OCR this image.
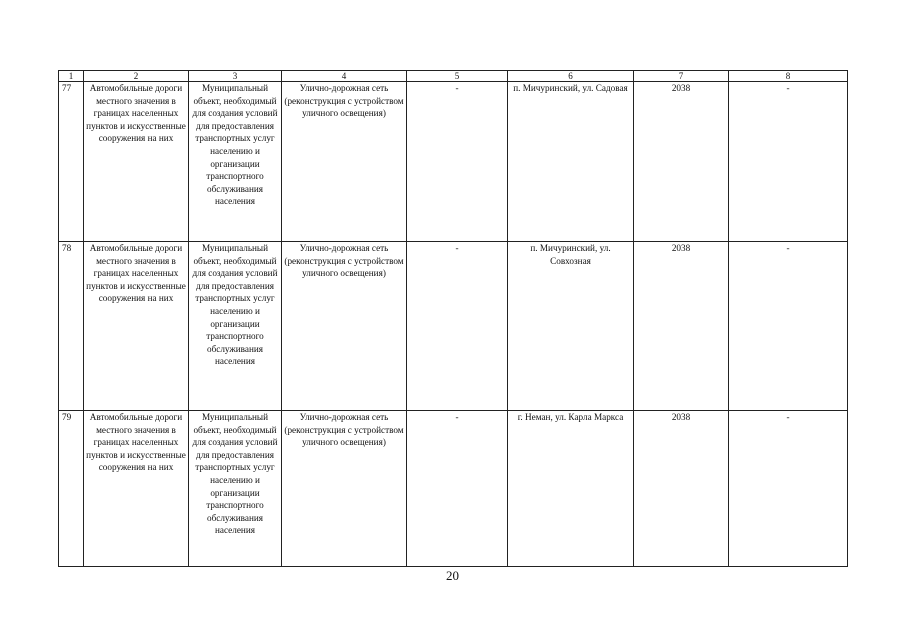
1	2	3	4	5	6	7	8
77	Автомобильные дороги местного значения в границах населенных пунктов и искусственные сооружения на них	Муниципальный объект, необходимый для создания условий для предоставления транспортных услуг населению и организации транспортного обслуживания населения	Улично-дорожная сеть (реконструкция с устройством уличного освещения)	-	п. Мичуринский, ул. Садовая	2038	-
78	Автомобильные дороги местного значения в границах населенных пунктов и искусственные сооружения на них	Муниципальный объект, необходимый для создания условий для предоставления транспортных услуг населению и организации транспортного обслуживания населения	Улично-дорожная сеть (реконструкция с устройством уличного освещения)	-	п. Мичуринский, ул. Совхозная	2038	-
79	Автомобильные дороги местного значения в границах населенных пунктов и искусственные сооружения на них	Муниципальный объект, необходимый для создания условий для предоставления транспортных услуг населению и организации транспортного обслуживания населения	Улично-дорожная сеть (реконструкция с устройством уличного освещения)	-	г. Неман, ул. Карла Маркса	2038	-
20
